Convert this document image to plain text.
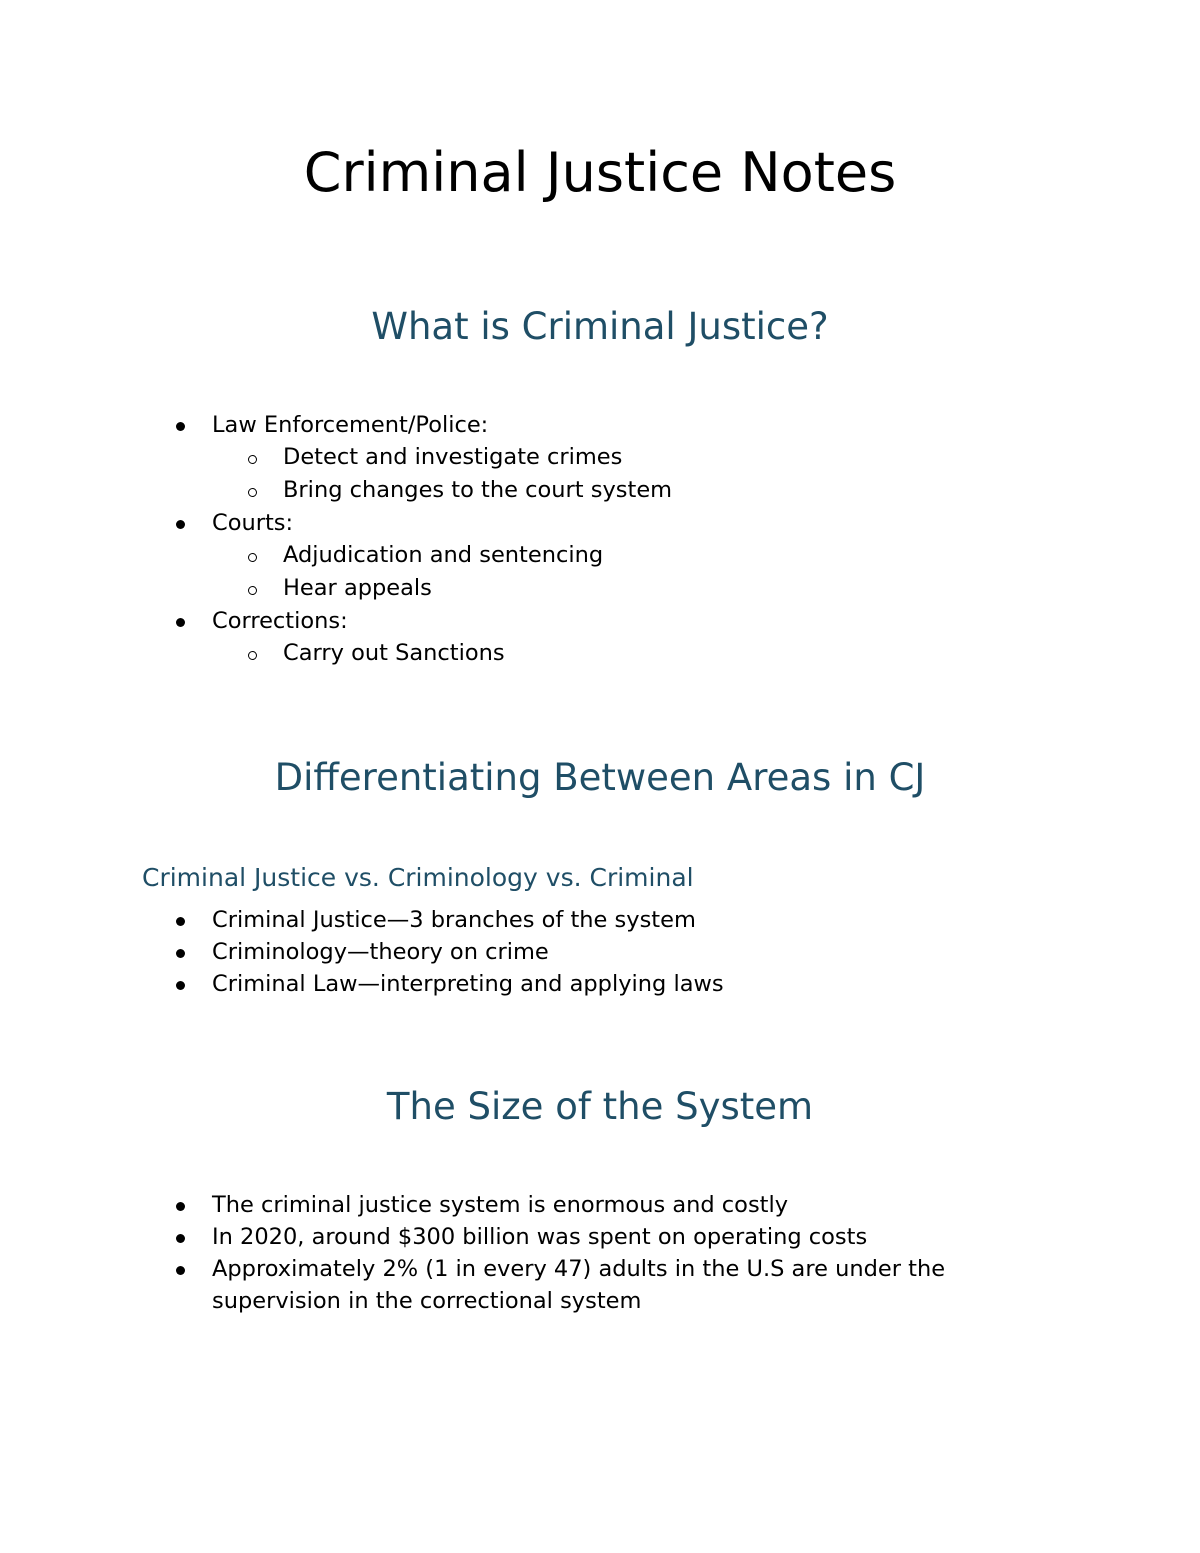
Criminal Justice Notes
What is Criminal Justice?

Law Enforcement/Police:

Detect and investigate crimes

Bring changes to the court system

Courts:

Adjudication and sentencing

Hear appeals

Corrections:

Carry out Sanctions

Differentiating Between Areas in CJ
Criminal Justice vs. Criminology vs. Criminal

Criminal Justice—3 branches of the system

Criminology—theory on crime

Criminal Law—interpreting and applying laws

The Size of the System

The criminal justice system is enormous and costly

In 2020, around $300 billion was spent on operating costs

Approximately 2% (1 in every 47) adults in the U.S are under the

supervision in the correctional system
